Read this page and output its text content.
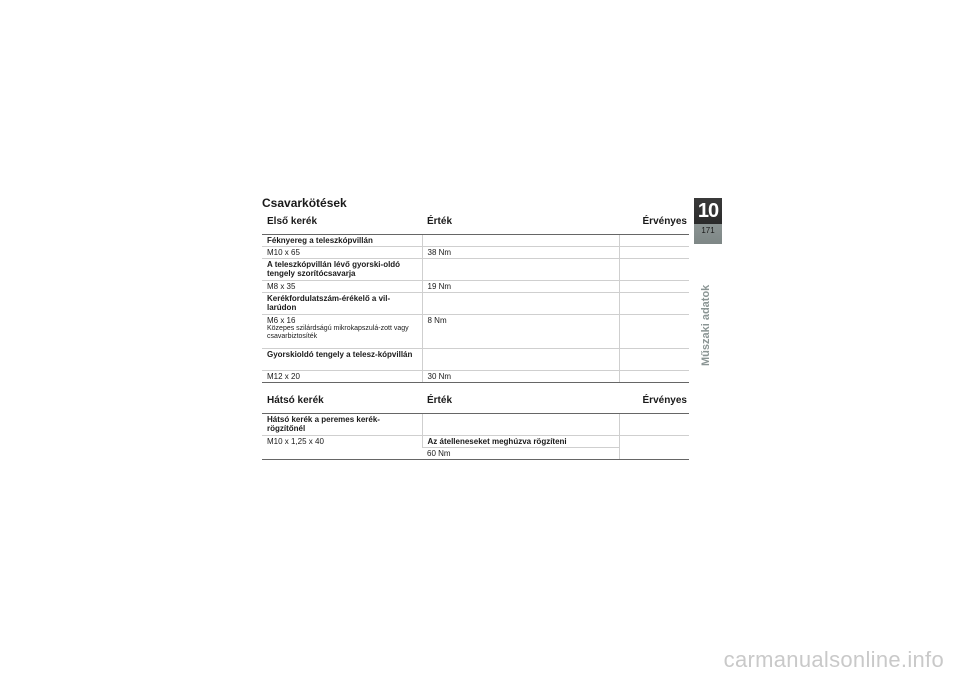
Csavarkötések
Első kerék	Érték	Érvényes
Féknyereg a teleszkópvillán		
M10 x 65	38 Nm	
A teleszkópvillán lévő gyorski-oldó tengely szorítócsavarja		
M8 x 35	19 Nm	
Kerékfordulatszám-érékelő a vil-larúdon		
M6 x 16
Közepes szilárdságú mikrokapszulá-zott vagy csavarbiztosíték	8 Nm	
Gyorskioldó tengely a telesz-kópvillán		
M12 x 20	30 Nm	
Hátsó kerék	Érték	Érvényes
Hátsó kerék a peremes kerék-rögzítőnél		
M10 x 1,25 x 40	Az átelleneseket meghúzva rögzíteni	
	60 Nm	
10
171
Műszaki adatok
carmanualsonline.info
